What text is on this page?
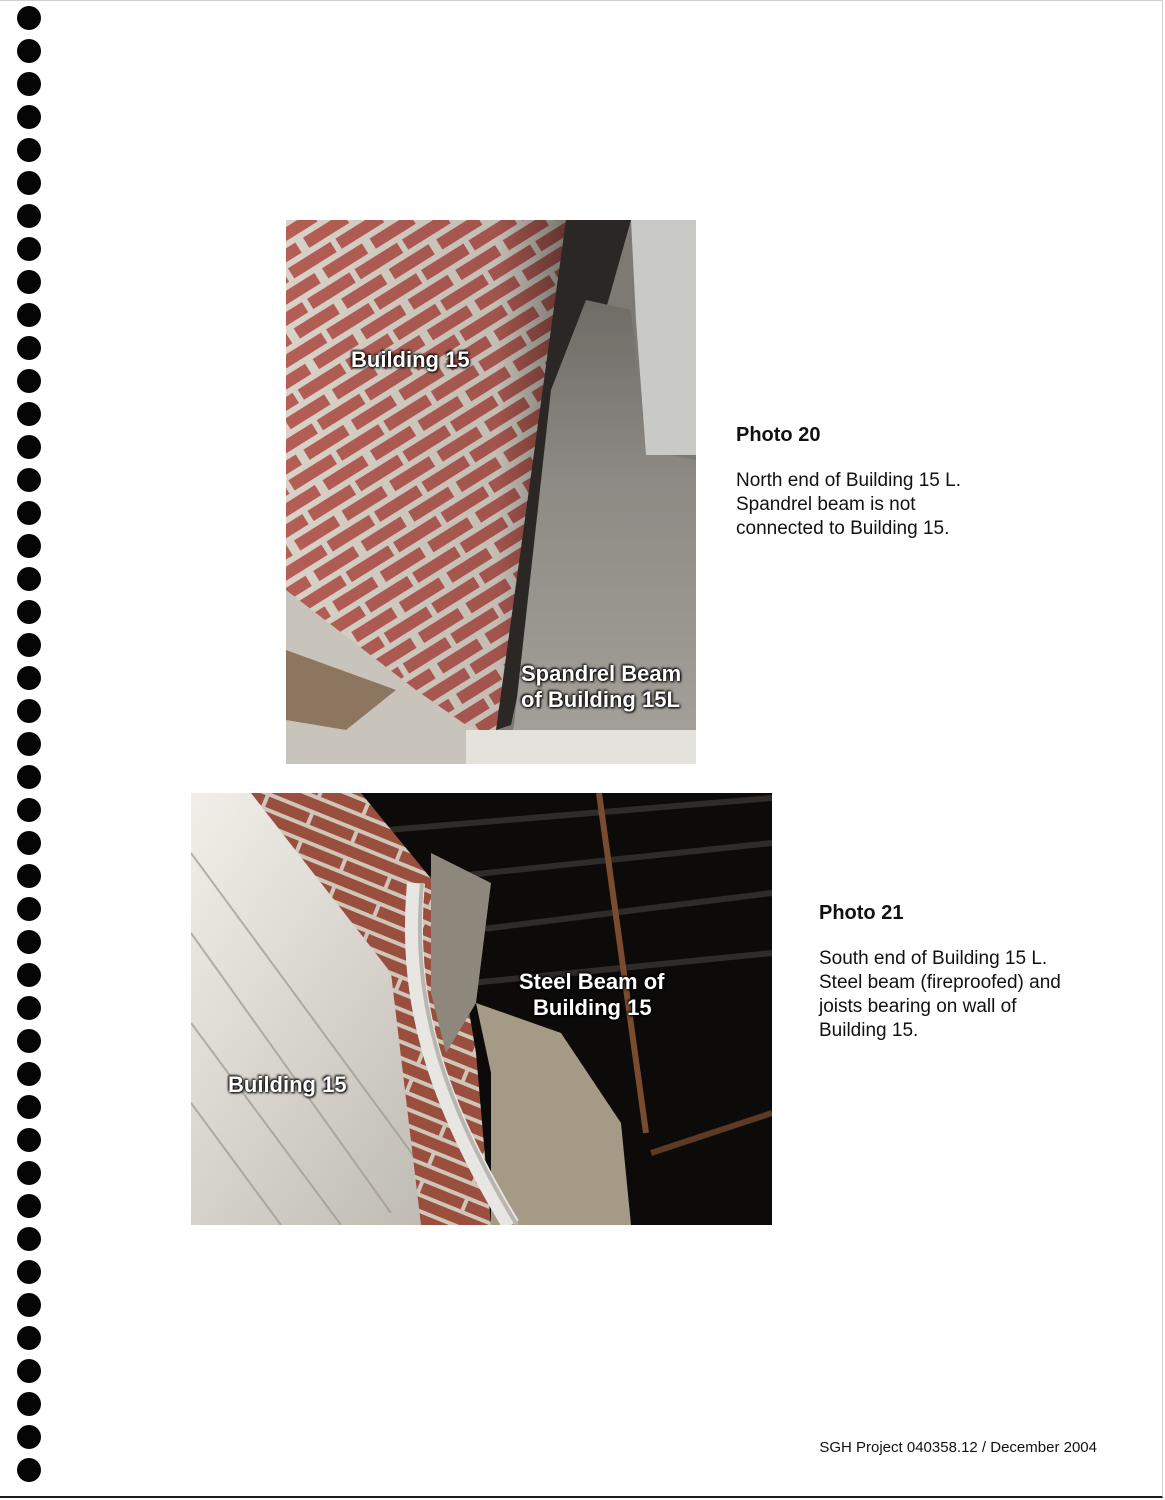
Building 15
Spandrel Beam
of Building 15L
Photo 20
North end of Building 15 L.
Spandrel beam is not
connected to Building 15.
Steel Beam of
Building 15
Building 15
Photo 21
South end of Building 15 L.
Steel beam (fireproofed) and
joists bearing on wall of
Building 15.
SGH Project 040358.12 / December 2004
